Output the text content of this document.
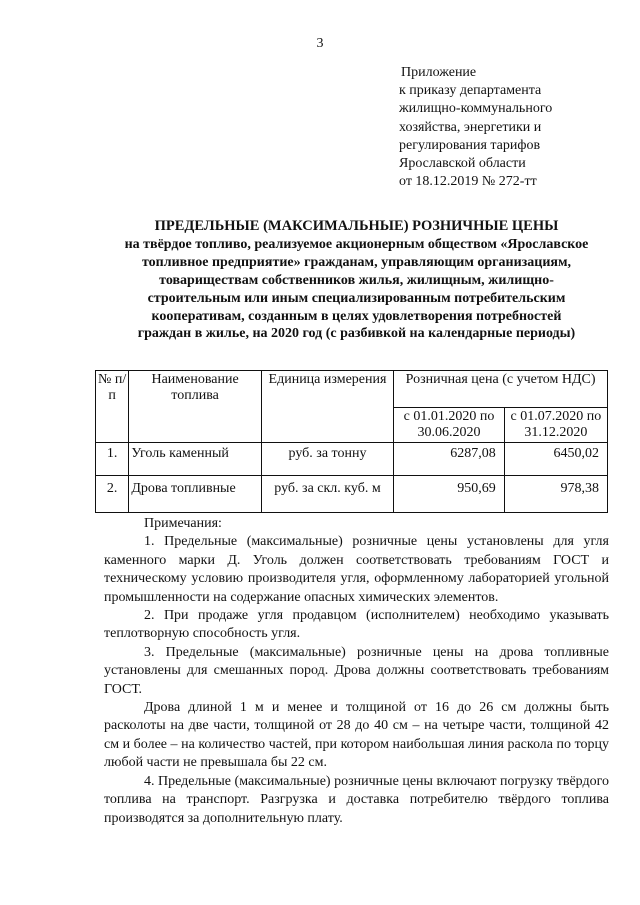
3
Приложение
к приказу департамента
жилищно-коммунального
хозяйства, энергетики и
регулирования тарифов
Ярославской области
от 18.12.2019 № 272-тт
ПРЕДЕЛЬНЫЕ (МАКСИМАЛЬНЫЕ) РОЗНИЧНЫЕ ЦЕНЫ
на твёрдое топливо, реализуемое акционерным обществом «Ярославское
топливное предприятие» гражданам, управляющим организациям,
товариществам собственников жилья, жилищным, жилищно-
строительным или иным специализированным потребительским
кооперативам, созданным в целях удовлетворения потребностей
граждан в жилье, на 2020 год (с разбивкой на календарные периоды)
№ п/п	Наименование топлива	Единица измерения	Розничная цена (с учетом НДС)	
			с 01.01.2020 по 30.06.2020	с 01.07.2020 по 31.12.2020
1.	Уголь каменный	руб. за тонну	6287,08	6450,02
2.	Дрова топливные	руб. за скл. куб. м	950,69	978,38

Примечания:

1. Предельные (максимальные) розничные цены установлены для угля каменного марки Д. Уголь должен соответствовать требованиям ГОСТ и техническому условию производителя угля, оформленному лабораторией угольной промышленности на содержание опасных химических элементов.

2. При продаже угля продавцом (исполнителем) необходимо указывать теплотворную способность угля.

3. Предельные (максимальные) розничные цены на дрова топливные установлены для смешанных пород. Дрова должны соответствовать требованиям ГОСТ.

Дрова длиной 1 м и менее и толщиной от 16 до 26 см должны быть расколоты на две части, толщиной от 28 до 40 см – на четыре части, толщиной 42 см и более – на количество частей, при котором наибольшая линия раскола по торцу любой части не превышала бы 22 см.

4. Предельные (максимальные) розничные цены включают погрузку твёрдого топлива на транспорт. Разгрузка и доставка потребителю твёрдого топлива производятся за дополнительную плату.
